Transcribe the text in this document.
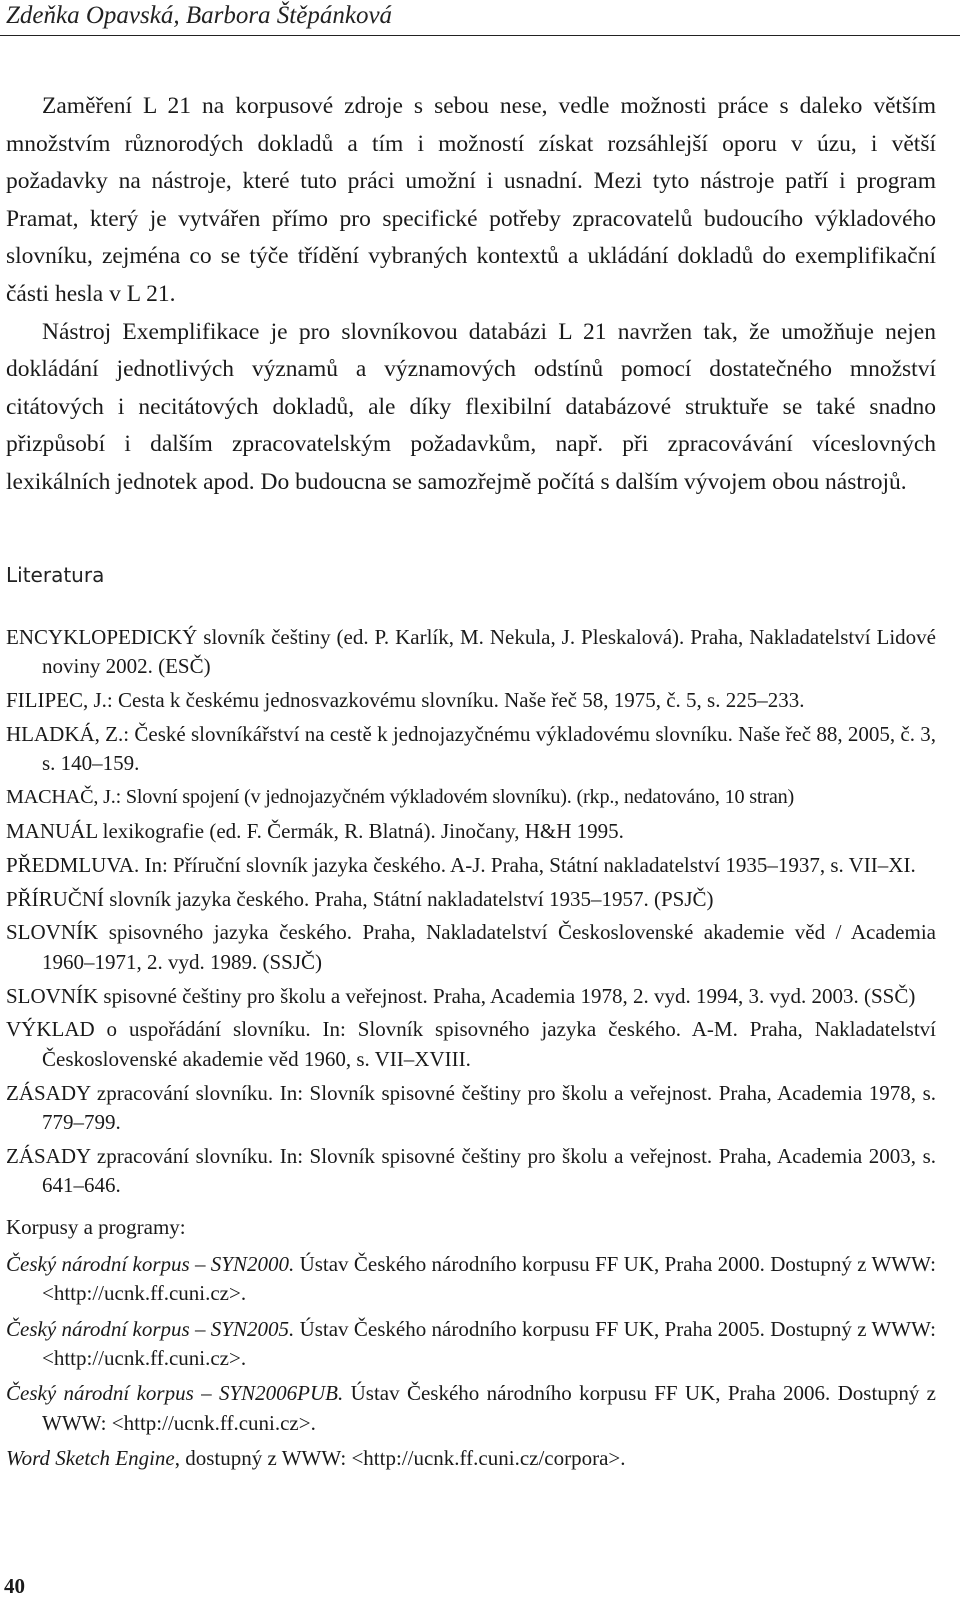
Zdeňka Opavská, Barbora Štěpánková

Zaměření L 21 na korpusové zdroje s sebou nese, vedle možnosti práce s daleko větším množstvím různorodých dokladů a tím i možností získat rozsáhlejší oporu v úzu, i větší požadavky na nástroje, které tuto práci umožní i usnadní. Mezi tyto nástroje patří i program Pramat, který je vytvářen přímo pro specifické potřeby zpracovatelů budoucího výkladového slovníku, zejména co se týče třídění vybraných kontextů a ukládání dokladů do exemplifikační části hesla v L 21.

Nástroj Exemplifikace je pro slovníkovou databázi L 21 navržen tak, že umožňuje nejen dokládání jednotlivých významů a významových odstínů pomocí dostatečného množství citátových i necitátových dokladů, ale díky flexibilní databázové struktuře se také snadno přizpůsobí i dalším zpracovatelským požadavkům, např. při zpracovávání víceslovných lexikálních jednotek apod. Do budoucna se samozřejmě počítá s dalším vývojem obou nástrojů.

Literatura
ENCYKLOPEDICKÝ slovník češtiny (ed. P. Karlík, M. Nekula, J. Pleskalová). Praha, Nakladatelství Lidové noviny 2002. (ESČ)
FILIPEC, J.: Cesta k českému jednosvazkovému slovníku. Naše řeč 58, 1975, č. 5, s. 225–233.
HLADKÁ, Z.: České slovníkářství na cestě k jednojazyčnému výkladovému slovníku. Naše řeč 88, 2005, č. 3, s. 140–159.
MACHAČ, J.: Slovní spojení (v jednojazyčném výkladovém slovníku). (rkp., nedatováno, 10 stran)
MANUÁL lexikografie (ed. F. Čermák, R. Blatná). Jinočany, H&H 1995.
PŘEDMLUVA. In: Příruční slovník jazyka českého. A-J. Praha, Státní nakladatelství 1935–1937, s. VII–XI.
PŘÍRUČNÍ slovník jazyka českého. Praha, Státní nakladatelství 1935–1957. (PSJČ)
SLOVNÍK spisovného jazyka českého. Praha, Nakladatelství Československé akademie věd / Academia 1960–1971, 2. vyd. 1989. (SSJČ)
SLOVNÍK spisovné češtiny pro školu a veřejnost. Praha, Academia 1978, 2. vyd. 1994, 3. vyd. 2003. (SSČ)
VÝKLAD o uspořádání slovníku. In: Slovník spisovného jazyka českého. A-M. Praha, Nakladatelství Československé akademie věd 1960, s. VII–XVIII.
ZÁSADY zpracování slovníku. In: Slovník spisovné češtiny pro školu a veřejnost. Praha, Academia 1978, s. 779–799.
ZÁSADY zpracování slovníku. In: Slovník spisovné češtiny pro školu a veřejnost. Praha, Academia 2003, s. 641–646.
Korpusy a programy:
Český národní korpus – SYN2000. Ústav Českého národního korpusu FF UK, Praha 2000. Dostupný z WWW: <http://ucnk.ff.cuni.cz>.
Český národní korpus – SYN2005. Ústav Českého národního korpusu FF UK, Praha 2005. Dostupný z WWW: <http://ucnk.ff.cuni.cz>.
Český národní korpus – SYN2006PUB. Ústav Českého národního korpusu FF UK, Praha 2006. Dostupný z WWW: <http://ucnk.ff.cuni.cz>.
Word Sketch Engine, dostupný z WWW: <http://ucnk.ff.cuni.cz/corpora>.
40
